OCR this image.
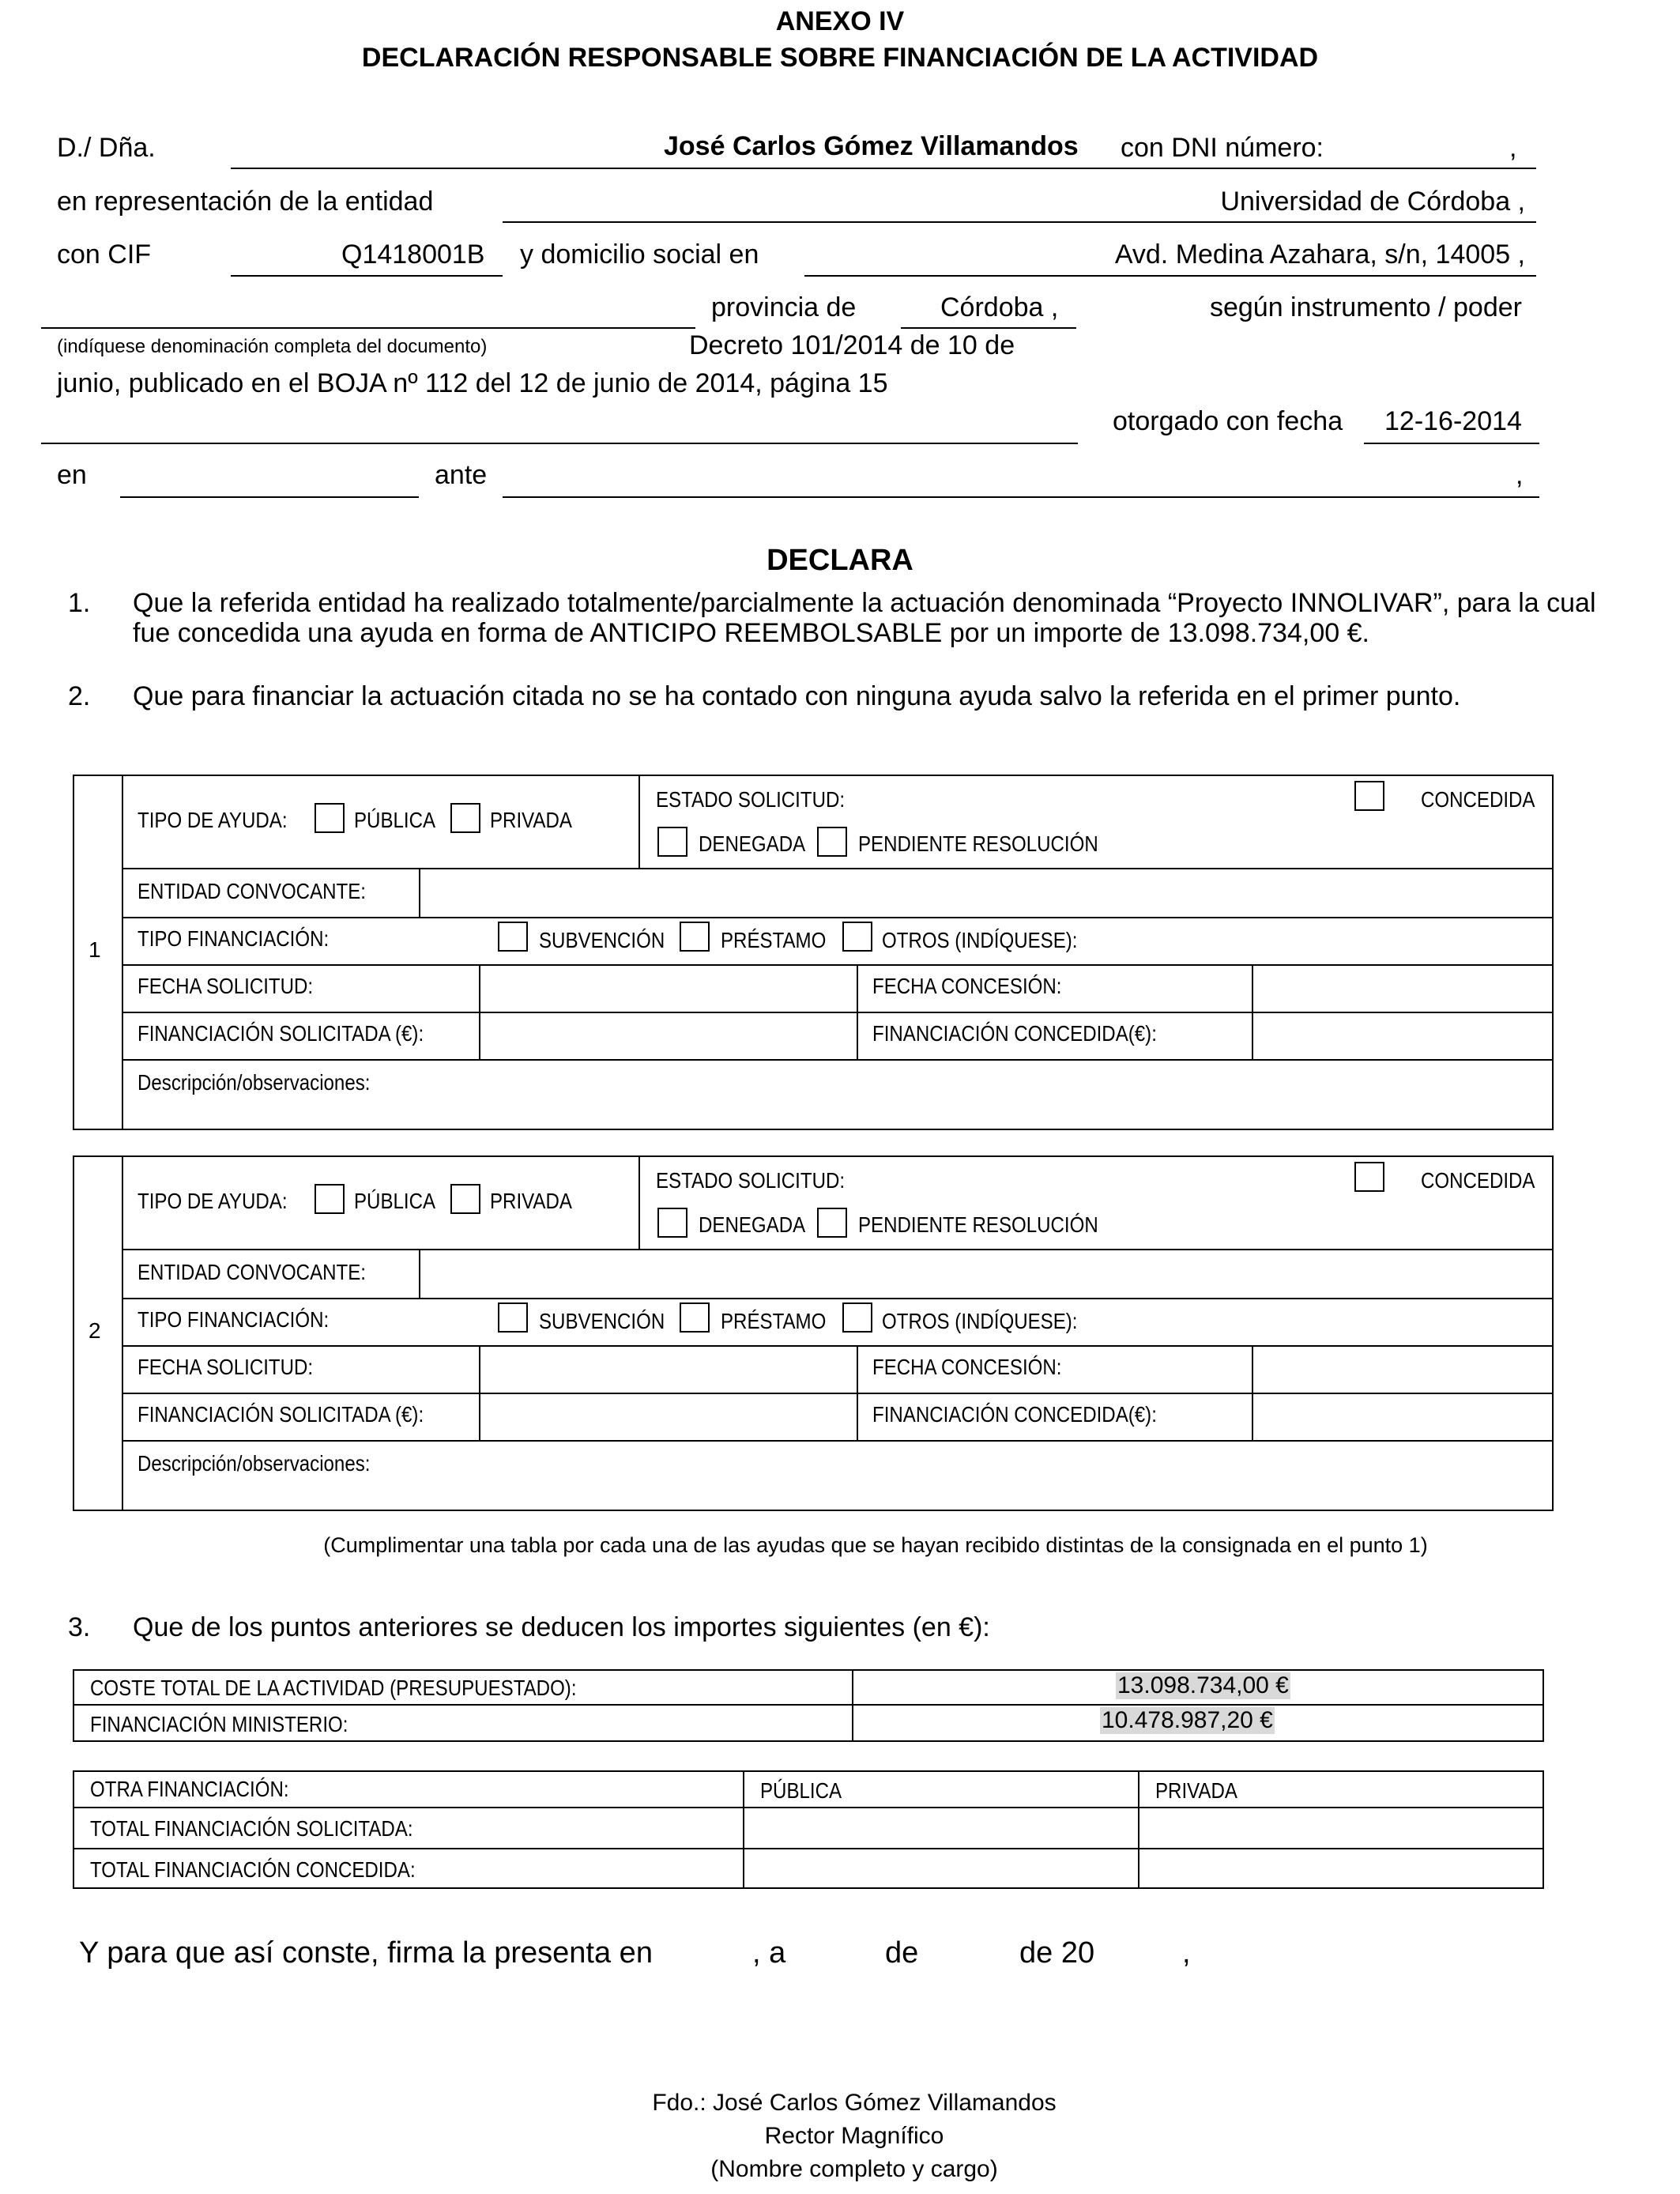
ANEXO IV
DECLARACIÓN RESPONSABLE SOBRE FINANCIACIÓN DE LA ACTIVIDAD
D./ Dña.	José Carlos Gómez Villamandos con DNI número:	,
en representación de la entidad	Universidad de Córdoba ,
con CIF	Q1418001B y domicilio social en	Avd. Medina Azahara, s/n, 14005 ,
provincia de	Córdoba ,	según instrumento / poder
(indíquese denominación completa del documento)	Decreto 101/2014 de 10 de
junio, publicado en el BOJA nº 112 del 12 de junio de 2014, página 15
otorgado con fecha 12-16-2014
en	ante	,
DECLARA
1. Que la referida entidad ha realizado totalmente/parcialmente la actuación denominada “Proyecto INNOLIVAR”, para la cual
fue concedida una ayuda en forma de ANTICIPO REEMBOLSABLE por un importe de 13.098.734,00 €.
2. Que para financiar la actuación citada no se ha contado con ninguna ayuda salvo la referida en el primer punto.
1
TIPO DE AYUDA:	PÚBLICA PRIVADA
ESTADO SOLICITUD:	CONCEDIDA
DENEGADA PENDIENTE RESOLUCIÓN
ENTIDAD CONVOCANTE:
TIPO FINANCIACIÓN:	SUBVENCIÓN	PRÉSTAMO	OTROS (INDÍQUESE):
FECHA SOLICITUD:	FECHA CONCESIÓN:
FINANCIACIÓN SOLICITADA (€):	FINANCIACIÓN CONCEDIDA(€):
Descripción/observaciones:
2
TIPO DE AYUDA:	PÚBLICA PRIVADA
ESTADO SOLICITUD:	CONCEDIDA
DENEGADA PENDIENTE RESOLUCIÓN
ENTIDAD CONVOCANTE:
TIPO FINANCIACIÓN:	SUBVENCIÓN	PRÉSTAMO	OTROS (INDÍQUESE):
FECHA SOLICITUD:	FECHA CONCESIÓN:
FINANCIACIÓN SOLICITADA (€):	FINANCIACIÓN CONCEDIDA(€):
Descripción/observaciones:
(Cumplimentar una tabla por cada una de las ayudas que se hayan recibido distintas de la consignada en el punto 1)
3. Que de los puntos anteriores se deducen los importes siguientes (en €):
COSTE TOTAL DE LA ACTIVIDAD (PRESUPUESTADO):	13.098.734,00 €
FINANCIACIÓN MINISTERIO:	10.478.987,20 €
OTRA FINANCIACIÓN:	PÚBLICA	PRIVADA
TOTAL FINANCIACIÓN SOLICITADA:
TOTAL FINANCIACIÓN CONCEDIDA:
Y para que así conste, firma la presenta en	, a	de	de 20	,
Fdo.: José Carlos Gómez Villamandos
Rector Magnífico
(Nombre completo y cargo)
